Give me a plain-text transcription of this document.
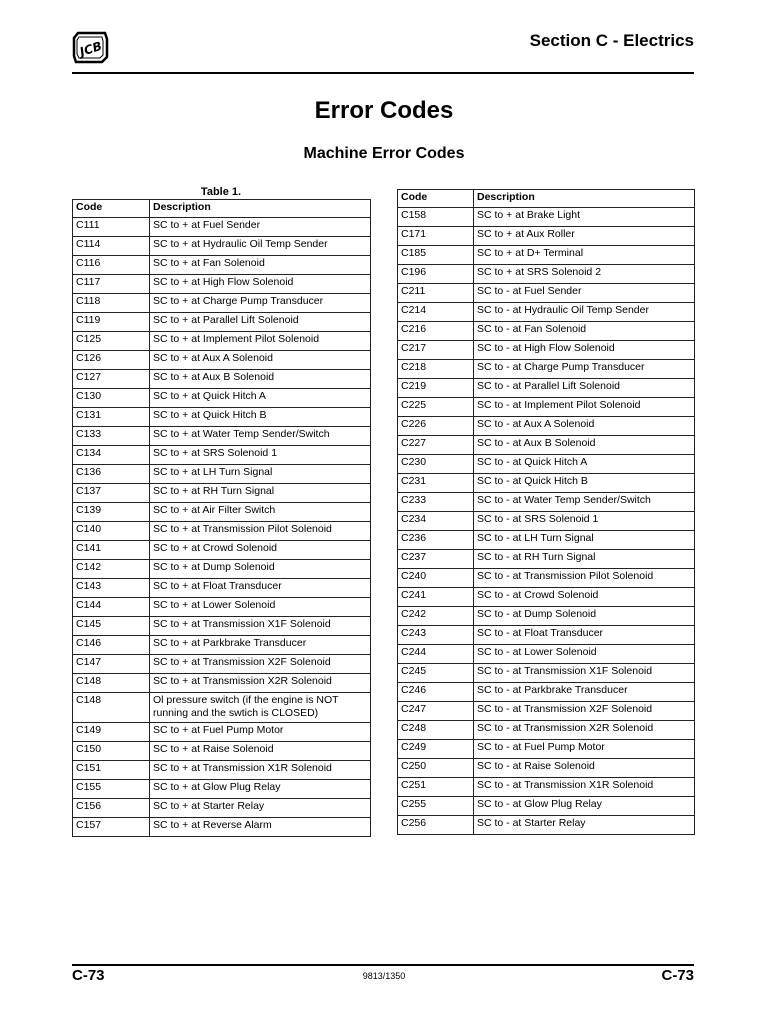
JCB	Section C - Electrics
Error Codes
Machine Error Codes
Table 1.
Code	Description
C111	SC to + at Fuel Sender
C114	SC to + at Hydraulic Oil Temp Sender
C116	SC to + at Fan Solenoid
C117	SC to + at High Flow Solenoid
C118	SC to + at Charge Pump Transducer
C119	SC to + at Parallel Lift Solenoid
C125	SC to + at Implement Pilot Solenoid
C126	SC to + at Aux A Solenoid
C127	SC to + at Aux B Solenoid
C130	SC to + at Quick Hitch A
C131	SC to + at Quick Hitch B
C133	SC to + at Water Temp Sender/Switch
C134	SC to + at SRS Solenoid 1
C136	SC to + at LH Turn Signal
C137	SC to + at RH Turn Signal
C139	SC to + at Air Filter Switch
C140	SC to + at Transmission Pilot Solenoid
C141	SC to + at Crowd Solenoid
C142	SC to + at Dump Solenoid
C143	SC to + at Float Transducer
C144	SC to + at Lower Solenoid
C145	SC to + at Transmission X1F Solenoid
C146	SC to + at Parkbrake Transducer
C147	SC to + at Transmission X2F Solenoid
C148	SC to + at Transmission X2R Solenoid
C148	Ol pressure switch (if the engine is NOT running and the swtich is CLOSED)
C149	SC to + at Fuel Pump Motor
C150	SC to + at Raise Solenoid
C151	SC to + at Transmission X1R Solenoid
C155	SC to + at Glow Plug Relay
C156	SC to + at Starter Relay
C157	SC to + at Reverse Alarm
Code	Description
C158	SC to + at Brake Light
C171	SC to + at Aux Roller
C185	SC to + at D+ Terminal
C196	SC to + at SRS Solenoid 2
C211	SC to - at Fuel Sender
C214	SC to - at Hydraulic Oil Temp Sender
C216	SC to - at Fan Solenoid
C217	SC to - at High Flow Solenoid
C218	SC to - at Charge Pump Transducer
C219	SC to - at Parallel Lift Solenoid
C225	SC to - at Implement Pilot Solenoid
C226	SC to - at Aux A Solenoid
C227	SC to - at Aux B Solenoid
C230	SC to - at Quick Hitch A
C231	SC to - at Quick Hitch B
C233	SC to - at Water Temp Sender/Switch
C234	SC to - at SRS Solenoid 1
C236	SC to - at LH Turn Signal
C237	SC to - at RH Turn Signal
C240	SC to - at Transmission Pilot Solenoid
C241	SC to - at Crowd Solenoid
C242	SC to - at Dump Solenoid
C243	SC to - at Float Transducer
C244	SC to - at Lower Solenoid
C245	SC to - at Transmission X1F Solenoid
C246	SC to - at Parkbrake Transducer
C247	SC to - at Transmission X2F Solenoid
C248	SC to - at Transmission X2R Solenoid
C249	SC to - at Fuel Pump Motor
C250	SC to - at Raise Solenoid
C251	SC to - at Transmission X1R Solenoid
C255	SC to - at Glow Plug Relay
C256	SC to - at Starter Relay
C-73	9813/1350	C-73
